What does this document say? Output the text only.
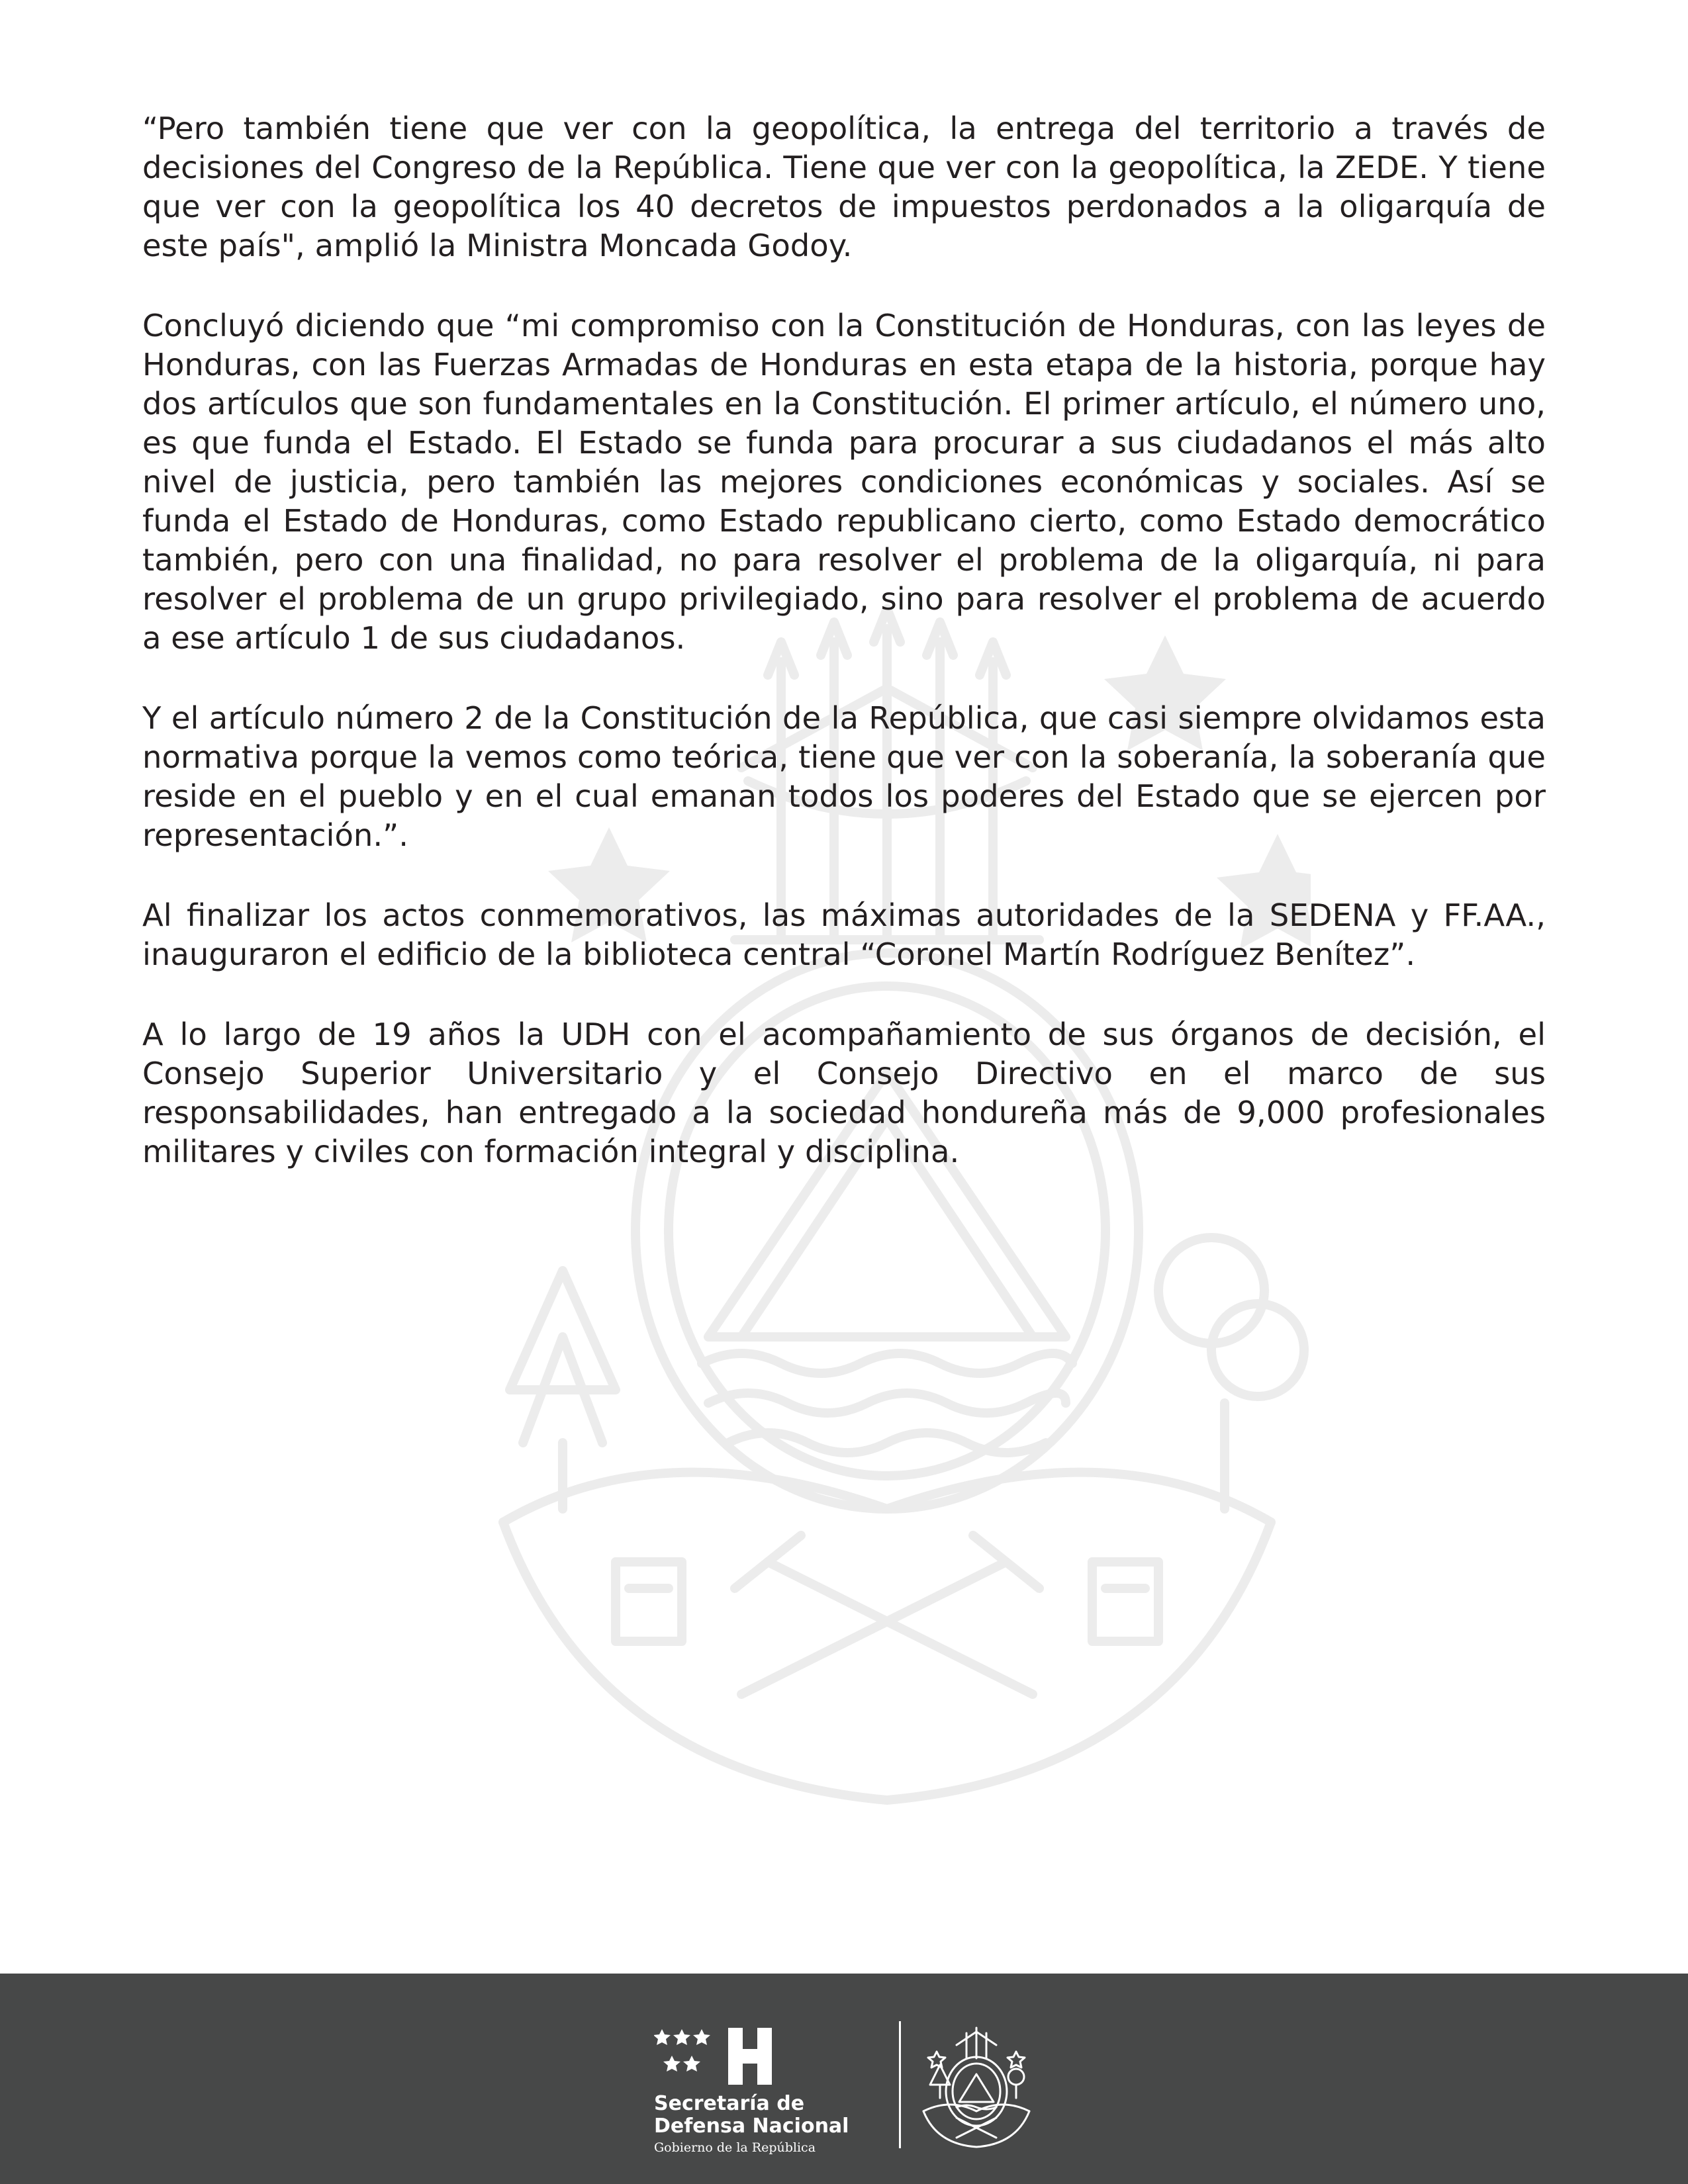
“Pero también tiene que ver con la geopolítica, la entrega del territorio a través de decisiones del Congreso de la República. Tiene que ver con la geopolítica, la ZEDE. Y tiene que ver con la geopolítica los 40 decretos de impuestos perdonados a la oligarquía de este país", amplió la Ministra Moncada Godoy.

Concluyó diciendo que “mi compromiso con la Constitución de Honduras, con las leyes de Honduras, con las Fuerzas Armadas de Honduras en esta etapa de la historia, porque hay dos artículos que son fundamentales en la Constitución. El primer artículo, el número uno, es que funda el Estado. El Estado se funda para procurar a sus ciudadanos el más alto nivel de justicia, pero también las mejores condiciones económicas y sociales. Así se funda el Estado de Honduras, como Estado republicano cierto, como Estado democrático también, pero con una finalidad, no para resolver el problema de la oligarquía, ni para resolver el problema de un grupo privilegiado, sino para resolver el problema de acuerdo a ese artículo 1 de sus ciudadanos.

Y el artículo número 2 de la Constitución de la República, que casi siempre olvidamos esta normativa porque la vemos como teórica, tiene que ver con la soberanía, la soberanía que reside en el pueblo y en el cual emanan todos los poderes del Estado que se ejercen por representación.”.

Al finalizar los actos conmemorativos, las máximas autoridades de la SEDENA y FF.AA., inauguraron el edificio de la biblioteca central “Coronel Martín Rodríguez Benítez”.

A lo largo de 19 años la UDH con el acompañamiento de sus órganos de decisión, el Consejo Superior Universitario y el Consejo Directivo en el marco de sus responsabilidades, han entregado a la sociedad hondureña más de 9,000 profesionales militares y civiles con formación integral y disciplina.

Secretaría de
Defensa Nacional
Gobierno de la República
